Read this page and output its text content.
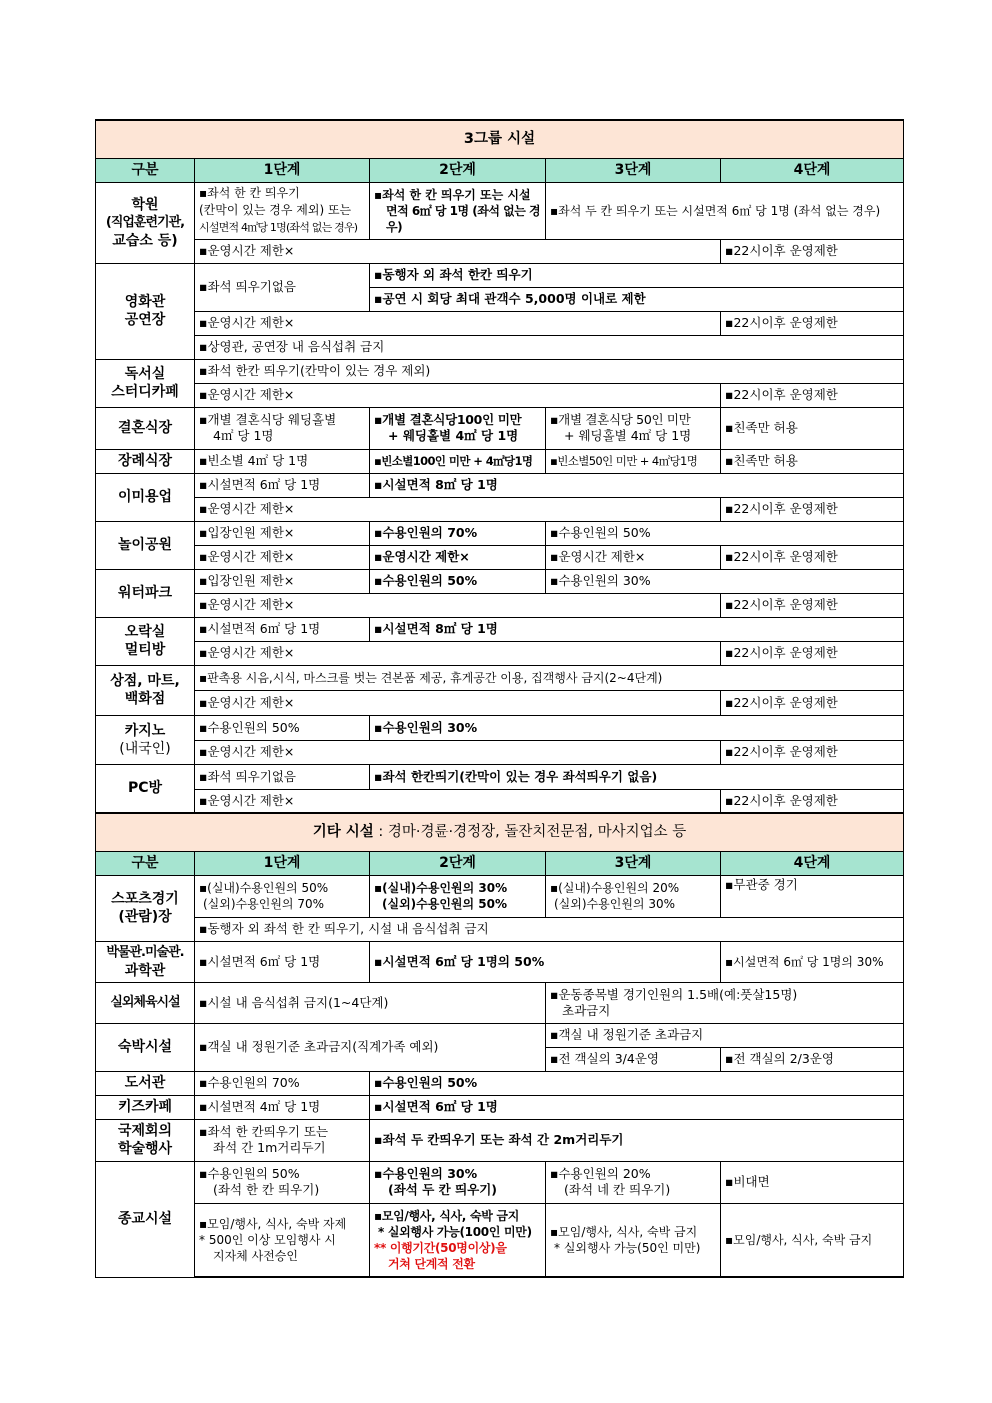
3그룹 시설				
구분	1단계	2단계	3단계	4단계

학원
(직업훈련기관,
교습소 등)	▪좌석 한 칸 띄우기
(칸막이 있는 경우 제외) 또는
시설면적 4㎡당 1명(좌석 없는 경우)	▪좌석 한 칸 띄우기 또는 시설
면적 6㎡ 당 1명 (좌석 없는 경우)	▪좌석 두 칸 띄우기 또는 시설면적 6㎡ 당 1명 (좌석 없는 경우)	
	▪운영시간 제한×			▪22시이후 운영제한

영화관
공연장	▪좌석 띄우기없음	▪동행자 외 좌석 한칸 띄우기		
		▪공연 시 회당 최대 관객수 5,000명 이내로 제한		
	▪운영시간 제한×			▪22시이후 운영제한
	▪상영관, 공연장 내 음식섭취 금지			

독서실
스터디카페	▪좌석 한칸 띄우기(칸막이 있는 경우 제외)			
	▪운영시간 제한×			▪22시이후 운영제한
결혼식장	▪개별 결혼식당 웨딩홀별
4㎡ 당 1명	▪개별 결혼식당100인 미만
+ 웨딩홀별 4㎡ 당 1명	▪개별 결혼식당 50인 미만
+ 웨딩홀별 4㎡ 당 1명	▪친족만 허용
장례식장	▪빈소별 4㎡ 당 1명	▪빈소별100인 미만 + 4㎡당1명	▪빈소별50인 미만 + 4㎡당1명	▪친족만 허용
이미용업	▪시설면적 6㎡ 당 1명	▪시설면적 8㎡ 당 1명		
	▪운영시간 제한×			▪22시이후 운영제한
놀이공원	▪입장인원 제한×	▪수용인원의 70%	▪수용인원의 50%	
	▪운영시간 제한×	▪운영시간 제한×	▪운영시간 제한×	▪22시이후 운영제한
워터파크	▪입장인원 제한×	▪수용인원의 50%	▪수용인원의 30%	
	▪운영시간 제한×			▪22시이후 운영제한

오락실
멀티방	▪시설면적 6㎡ 당 1명	▪시설면적 8㎡ 당 1명		
	▪운영시간 제한×			▪22시이후 운영제한

상점, 마트,
백화점	▪판촉용 시음,시식, 마스크를 벗는 견본품 제공, 휴게공간 이용, 집객행사 금지(2~4단계)			
	▪운영시간 제한×			▪22시이후 운영제한

카지노
(내국인)	▪수용인원의 50%	▪수용인원의 30%		
	▪운영시간 제한×			▪22시이후 운영제한
PC방	▪좌석 띄우기없음	▪좌석 한칸띄기(칸막이 있는 경우 좌석띄우기 없음)		
	▪운영시간 제한×			▪22시이후 운영제한
기타 시설 : 경마·경륜·경정장, 돌잔치전문점, 마사지업소 등				
구분	1단계	2단계	3단계	4단계

스포츠경기
(관람)장	▪(실내)수용인원의 50%
(실외)수용인원의 70%	▪(실내)수용인원의 30%
(실외)수용인원의 50%	▪(실내)수용인원의 20%
(실외)수용인원의 30%	▪무관중 경기
	▪동행자 외 좌석 한 칸 띄우기, 시설 내 음식섭취 금지			

박물관.미술관.
과학관	▪시설면적 6㎡ 당 1명	▪시설면적 6㎡ 당 1명의 50%		▪시설면적 6㎡ 당 1명의 30%
실외체육시설	▪시설 내 음식섭취 금지(1~4단계)		▪운동종목별 경기인원의 1.5배(예:풋살15명)
초과금지	

숙박시설	▪객실 내 정원기준 초과금지(직계가족 예외)		▪객실 내 정원기준 초과금지	
			▪전 객실의 3/4운영	▪전 객실의 2/3운영
도서관	▪수용인원의 70%	▪수용인원의 50%		
키즈카페	▪시설면적 4㎡ 당 1명	▪시설면적 6㎡ 당 1명		

국제회의
학술행사	▪좌석 한 칸띄우기 또는
좌석 간 1m거리두기	▪좌석 두 칸띄우기 또는 좌석 간 2m거리두기		
종교시설	▪수용인원의 50%
(좌석 한 칸 띄우기)	▪수용인원의 30%
(좌석 두 칸 띄우기)	▪수용인원의 20%
(좌석 네 칸 띄우기)	▪비대면

	▪모임/행사, 식사, 숙박 자제
* 500인 이상 모임행사 시
지자체 사전승인	▪모임/행사, 식사, 숙박 금지
* 실외행사 가능(100인 미만)
** 이행기간(50명이상)을
거쳐 단계적 전환	▪모임/행사, 식사, 숙박 금지
* 실외행사 가능(50인 미만)	▪모임/행사, 식사, 숙박 금지
